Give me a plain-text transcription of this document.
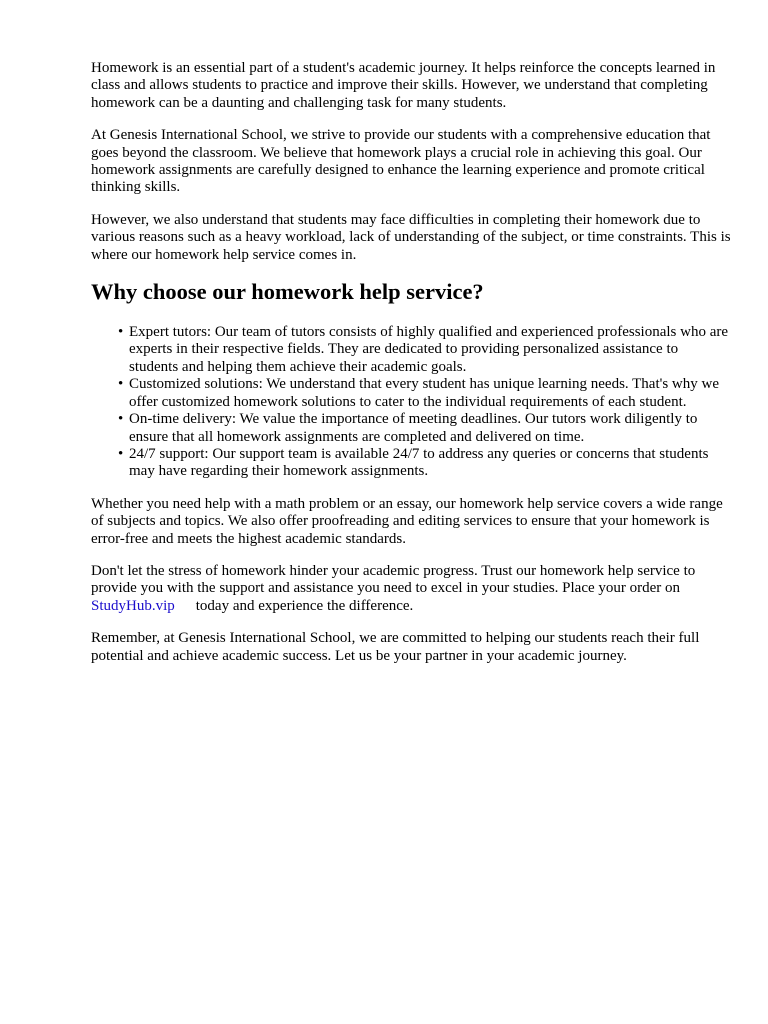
Homework is an essential part of a student's academic journey. It helps reinforce the concepts learned in class and allows students to practice and improve their skills. However, we understand that completing homework can be a daunting and challenging task for many students.

At Genesis International School, we strive to provide our students with a comprehensive education that goes beyond the classroom. We believe that homework plays a crucial role in achieving this goal. Our homework assignments are carefully designed to enhance the learning experience and promote critical thinking skills.

However, we also understand that students may face difficulties in completing their homework due to various reasons such as a heavy workload, lack of understanding of the subject, or time constraints. This is where our homework help service comes in.

Why choose our homework help service?
• Expert tutors: Our team of tutors consists of highly qualified and experienced professionals who are experts in their respective fields. They are dedicated to providing personalized assistance to students and helping them achieve their academic goals.
• Customized solutions: We understand that every student has unique learning needs. That's why we offer customized homework solutions to cater to the individual requirements of each student.
• On-time delivery: We value the importance of meeting deadlines. Our tutors work diligently to ensure that all homework assignments are completed and delivered on time.
• 24/7 support: Our support team is available 24/7 to address any queries or concerns that students may have regarding their homework assignments.

Whether you need help with a math problem or an essay, our homework help service covers a wide range of subjects and topics. We also offer proofreading and editing services to ensure that your homework is error-free and meets the highest academic standards.

Don't let the stress of homework hinder your academic progress. Trust our homework help service to provide you with the support and assistance you need to excel in your studies. Place your order on StudyHub.vip today and experience the difference.

Remember, at Genesis International School, we are committed to helping our students reach their full potential and achieve academic success. Let us be your partner in your academic journey.
